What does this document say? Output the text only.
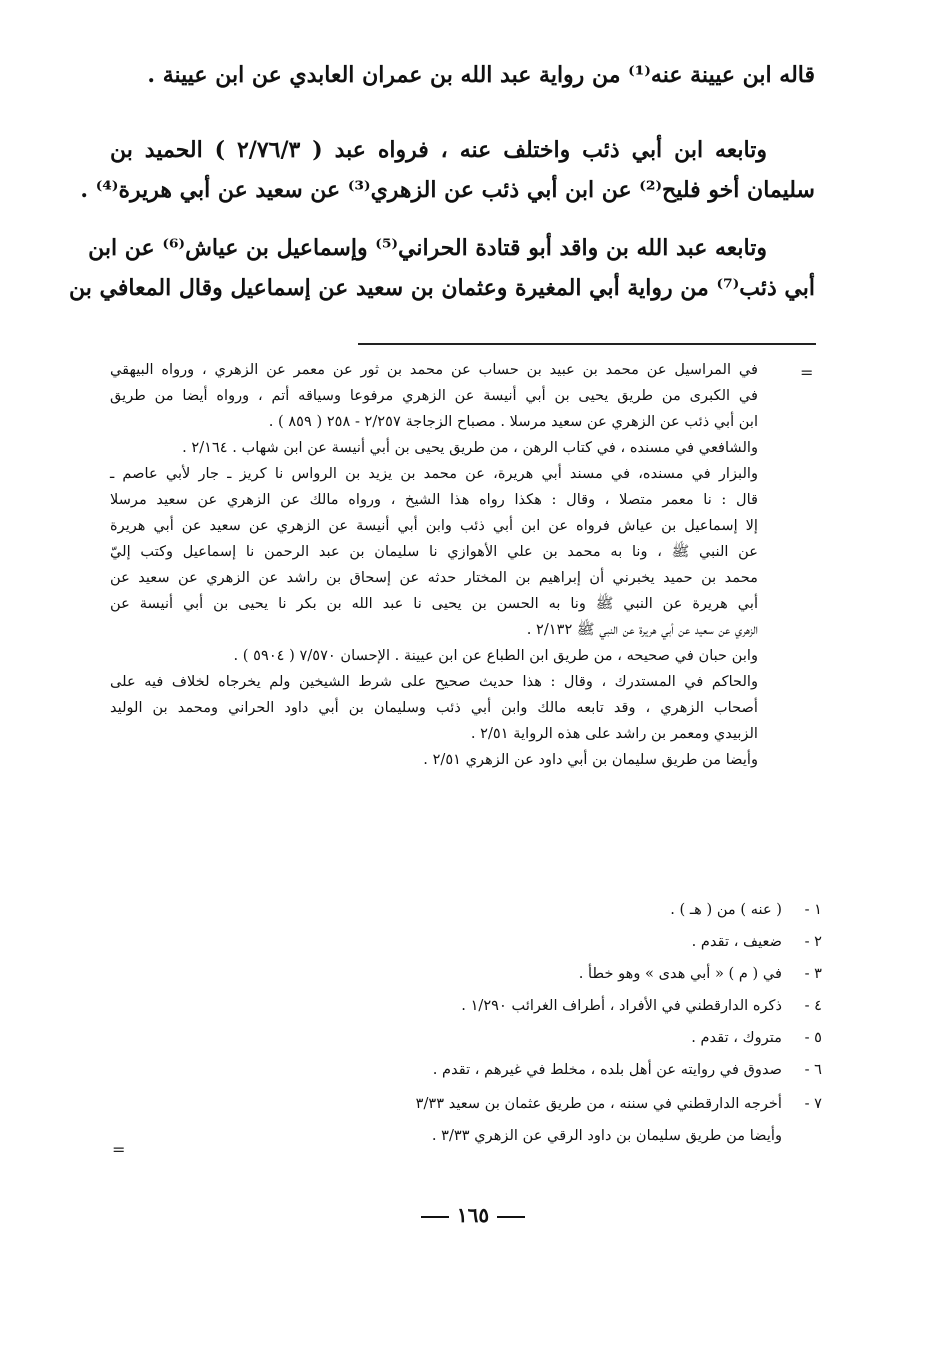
قاله ابن عيينة عنه⁽¹⁾ من رواية عبد الله بن عمران العابدي عن ابن عيينة .
وتابعه ابن أبي ذئب واختلف عنه ، فرواه عبد ( ٢/٧٦/٣ ) الحميد بن
سليمان أخو فليح⁽²⁾ عن ابن أبي ذئب عن الزهري⁽³⁾ عن سعيد عن أبي هريرة⁽⁴⁾ .
وتابعه عبد الله بن واقد أبو قتادة الحراني⁽⁵⁾ وإسماعيل بن عياش⁽⁶⁾ عن ابن
أبي ذئب⁽⁷⁾ من رواية أبي المغيرة وعثمان بن سعيد عن إسماعيل وقال المعافي بن
=
في المراسيل عن محمد بن عبيد بن حساب عن محمد بن ثور عن معمر عن الزهري ، ورواه البيهقي
في الكبرى من طريق يحيى بن أبي أنيسة عن الزهري مرفوعا وسياقه أتم ، ورواه أيضا من طريق
ابن أبي ذئب عن الزهري عن سعيد مرسلا . مصباح الزجاجة ٢/٢٥٧ - ٢٥٨ ( ٨٥٩ ) .
والشافعي في مسنده ، في كتاب الرهن ، من طريق يحيى بن أبي أنيسة عن ابن شهاب . ٢/١٦٤ .
والبزار في مسنده، في مسند أبي هريرة، عن محمد بن يزيد بن الرواس نا كريز ـ جار لأبي عاصم ـ
قال : نا معمر متصلا ، وقال : هكذا رواه هذا الشيخ ، ورواه مالك عن الزهري عن سعيد مرسلا
إلا إسماعيل بن عياش فرواه عن ابن أبي ذئب وابن أبي أنيسة عن الزهري عن سعيد عن أبي هريرة
عن النبي ﷺ ، ونا به محمد بن علي الأهوازي نا سليمان بن عبد الرحمن نا إسماعيل وكتب إليّ
محمد بن حميد يخبرني أن إبراهيم بن المختار حدثه عن إسحاق بن راشد عن الزهري عن سعيد عن
أبي هريرة عن النبي ﷺ ونا به الحسن بن يحيى نا عبد الله بن بكر نا يحيى بن أبي أنيسة عن
الزهري عن سعيد عن أبي هريرة عن النبي ﷺ ٢/١٣٢ .
وابن حبان في صحيحه ، من طريق ابن الطباع عن ابن عيينة . الإحسان ٧/٥٧٠ ( ٥٩٠٤ ) .
والحاكم في المستدرك ، وقال : هذا حديث صحيح على شرط الشيخين ولم يخرجاه لخلاف فيه على
أصحاب الزهري ، وقد تابعه مالك وابن أبي ذئب وسليمان بن أبي داود الحراني ومحمد بن الوليد
الزبيدي ومعمر بن راشد على هذه الرواية ٢/٥١ .
وأيضا من طريق سليمان بن أبي داود عن الزهري ٢/٥١ .
١ -
( عنه ) من ( هـ ) .
٢ -
ضعيف ، تقدم .
٣ -
في ( م ) « أبي هدى » وهو خطأ .
٤ -
ذكره الدارقطني في الأفراد ، أطراف الغرائب ١/٢٩٠ .
٥ -
متروك ، تقدم .
٦ -
صدوق في روايته عن أهل بلده ، مخلط في غيرهم ، تقدم .
٧ -
أخرجه الدارقطني في سننه ، من طريق عثمان بن سعيد ٣/٣٣
وأيضا من طريق سليمان بن داود الرقي عن الزهري ٣/٣٣ .
=
١٦٥
